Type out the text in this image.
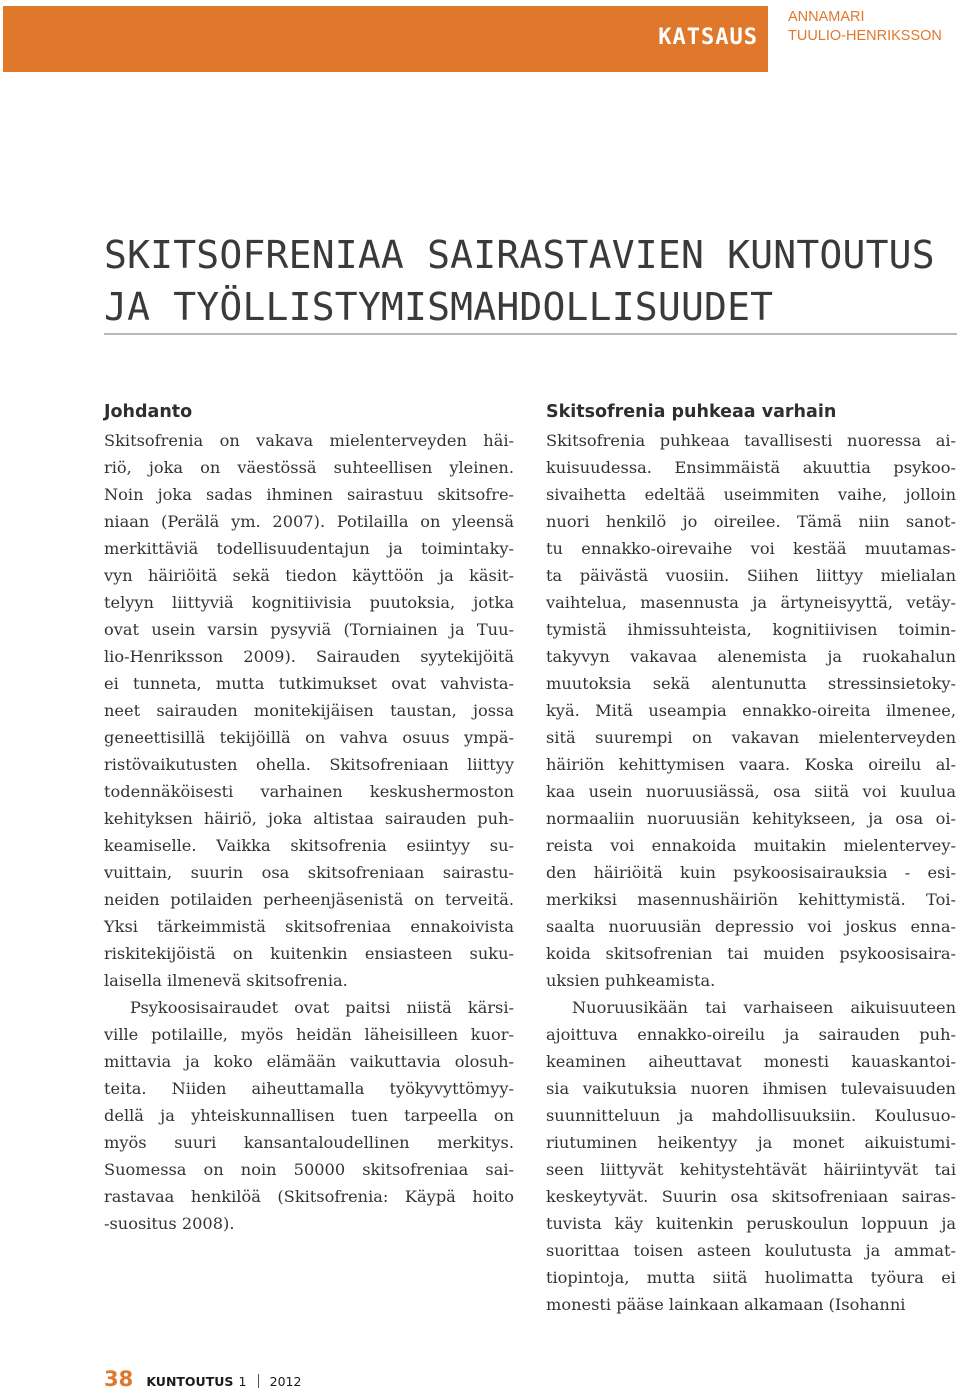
KATSAUS
ANNAMARI
TUULIO-HENRIKSSON
SKITSOFRENIAA SAIRASTAVIEN KUNTOUTUS
JA TYÖLLISTYMISMAHDOLLISUUDET
Johdanto

Skitsofrenia on vakava mielenterveyden häi-
riö, joka on väestössä suhteellisen yleinen.
Noin joka sadas ihminen sairastuu skitsofre-
niaan (Perälä ym. 2007). Potilailla on yleensä
merkittäviä todellisuudentajun ja toimintaky-
vyn häiriöitä sekä tiedon käyttöön ja käsit-
telyyn liittyviä kognitiivisia puutoksia, jotka
ovat usein varsin pysyviä (Torniainen ja Tuu-
lio-Henriksson 2009). Sairauden syytekijöitä
ei tunneta, mutta tutkimukset ovat vahvista-
neet sairauden monitekijäisen taustan, jossa
geneettisillä tekijöillä on vahva osuus ympä-
ristövaikutusten ohella. Skitsofreniaan liittyy
todennäköisesti varhainen keskushermoston
kehityksen häiriö, joka altistaa sairauden puh-
keamiselle. Vaikka skitsofrenia esiintyy su-
vuittain, suurin osa skitsofreniaan sairastu-
neiden potilaiden perheenjäsenistä on terveitä.
Yksi tärkeimmistä skitsofreniaa ennakoivista
riskitekijöistä on kuitenkin ensiasteen suku-
laisella ilmenevä skitsofrenia.

Psykoosisairaudet ovat paitsi niistä kärsi-
ville potilaille, myös heidän läheisilleen kuor-
mittavia ja koko elämään vaikuttavia olosuh-
teita. Niiden aiheuttamalla työkyvyttömyy-
dellä ja yhteiskunnallisen tuen tarpeella on
myös suuri kansantaloudellinen merkitys.
Suomessa on noin 50000 skitsofreniaa sai-
rastavaa henkilöä (Skitsofrenia: Käypä hoito
-suositus 2008).

Skitsofrenia puhkeaa varhain

Skitsofrenia puhkeaa tavallisesti nuoressa ai-
kuisuudessa. Ensimmäistä akuuttia psykoo-
sivaihetta edeltää useimmiten vaihe, jolloin
nuori henkilö jo oireilee. Tämä niin sanot-
tu ennakko-oirevaihe voi kestää muutamas-
ta päivästä vuosiin. Siihen liittyy mielialan
vaihtelua, masennusta ja ärtyneisyyttä, vetäy-
tymistä ihmissuhteista, kognitiivisen toimin-
takyvyn vakavaa alenemista ja ruokahalun
muutoksia sekä alentunutta stressinsietoky-
kyä. Mitä useampia ennakko-oireita ilmenee,
sitä suurempi on vakavan mielenterveyden
häiriön kehittymisen vaara. Koska oireilu al-
kaa usein nuoruusiässä, osa siitä voi kuulua
normaaliin nuoruusiän kehitykseen, ja osa oi-
reista voi ennakoida muitakin mielentervey-
den häiriöitä kuin psykoosisairauksia - esi-
merkiksi masennushäiriön kehittymistä. Toi-
saalta nuoruusiän depressio voi joskus enna-
koida skitsofrenian tai muiden psykoosisaira-
uksien puhkeamista.

Nuoruusikään tai varhaiseen aikuisuuteen
ajoittuva ennakko-oireilu ja sairauden puh-
keaminen aiheuttavat monesti kauaskantoi-
sia vaikutuksia nuoren ihmisen tulevaisuuden
suunnitteluun ja mahdollisuuksiin. Koulusuo-
riutuminen heikentyy ja monet aikuistumi-
seen liittyvät kehitystehtävät häiriintyvät tai
keskeytyvät. Suurin osa skitsofreniaan sairas-
tuvista käy kuitenkin peruskoulun loppuun ja
suorittaa toisen asteen koulutusta ja ammat-
tiopintoja, mutta siitä huolimatta työura ei
monesti pääse lainkaan alkamaan (Isohanni

38 KUNTOUTUS 1 2012
